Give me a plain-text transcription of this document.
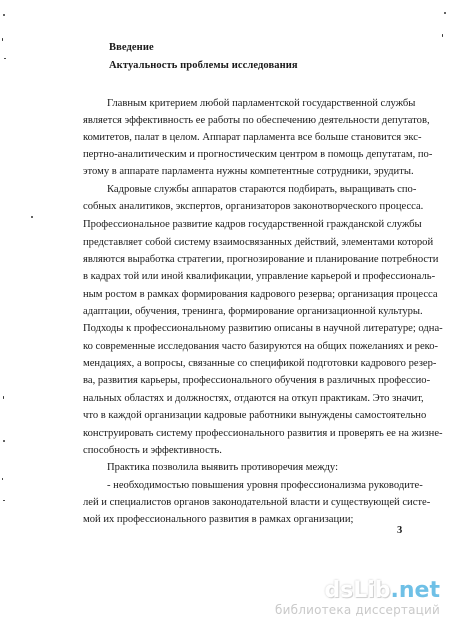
Введение
Актуальность проблемы исследования
Главным критерием любой парламентской государственной службы
является эффективность ее работы по обеспечению деятельности депутатов,
комитетов, палат в целом. Аппарат парламента все больше становится экс-
пертно-аналитическим и прогностическим центром в помощь депутатам, по-
этому в аппарате парламента нужны компетентные сотрудники, эрудиты.
Кадровые службы аппаратов стараются подбирать, выращивать спо-
собных аналитиков, экспертов, организаторов законотворческого процесса.
Профессиональное развитие кадров государственной гражданской службы
представляет собой систему взаимосвязанных действий, элементами которой
являются выработка стратегии, прогнозирование и планирование потребности
в кадрах той или иной квалификации, управление карьерой и профессиональ-
ным ростом в рамках формирования кадрового резерва; организация процесса
адаптации, обучения, тренинга, формирование организационной культуры.
Подходы к профессиональному развитию описаны в научной литературе; одна-
ко современные исследования часто базируются на общих пожеланиях и реко-
мендациях, а вопросы, связанные со спецификой подготовки кадрового резер-
ва, развития карьеры, профессионального обучения в различных профессио-
нальных областях и должностях, отдаются на откуп практикам. Это значит,
что в каждой организации кадровые работники вынуждены самостоятельно
конструировать систему профессионального развития и проверять ее на жизне-
способность и эффективность.
Практика позволила выявить противоречия между:
- необходимостью повышения уровня профессионализма руководите-
лей и специалистов органов законодательной власти и существующей систе-
мой их профессионального развития в рамках организации;
3
dsLib.net
библиотека диссертаций
